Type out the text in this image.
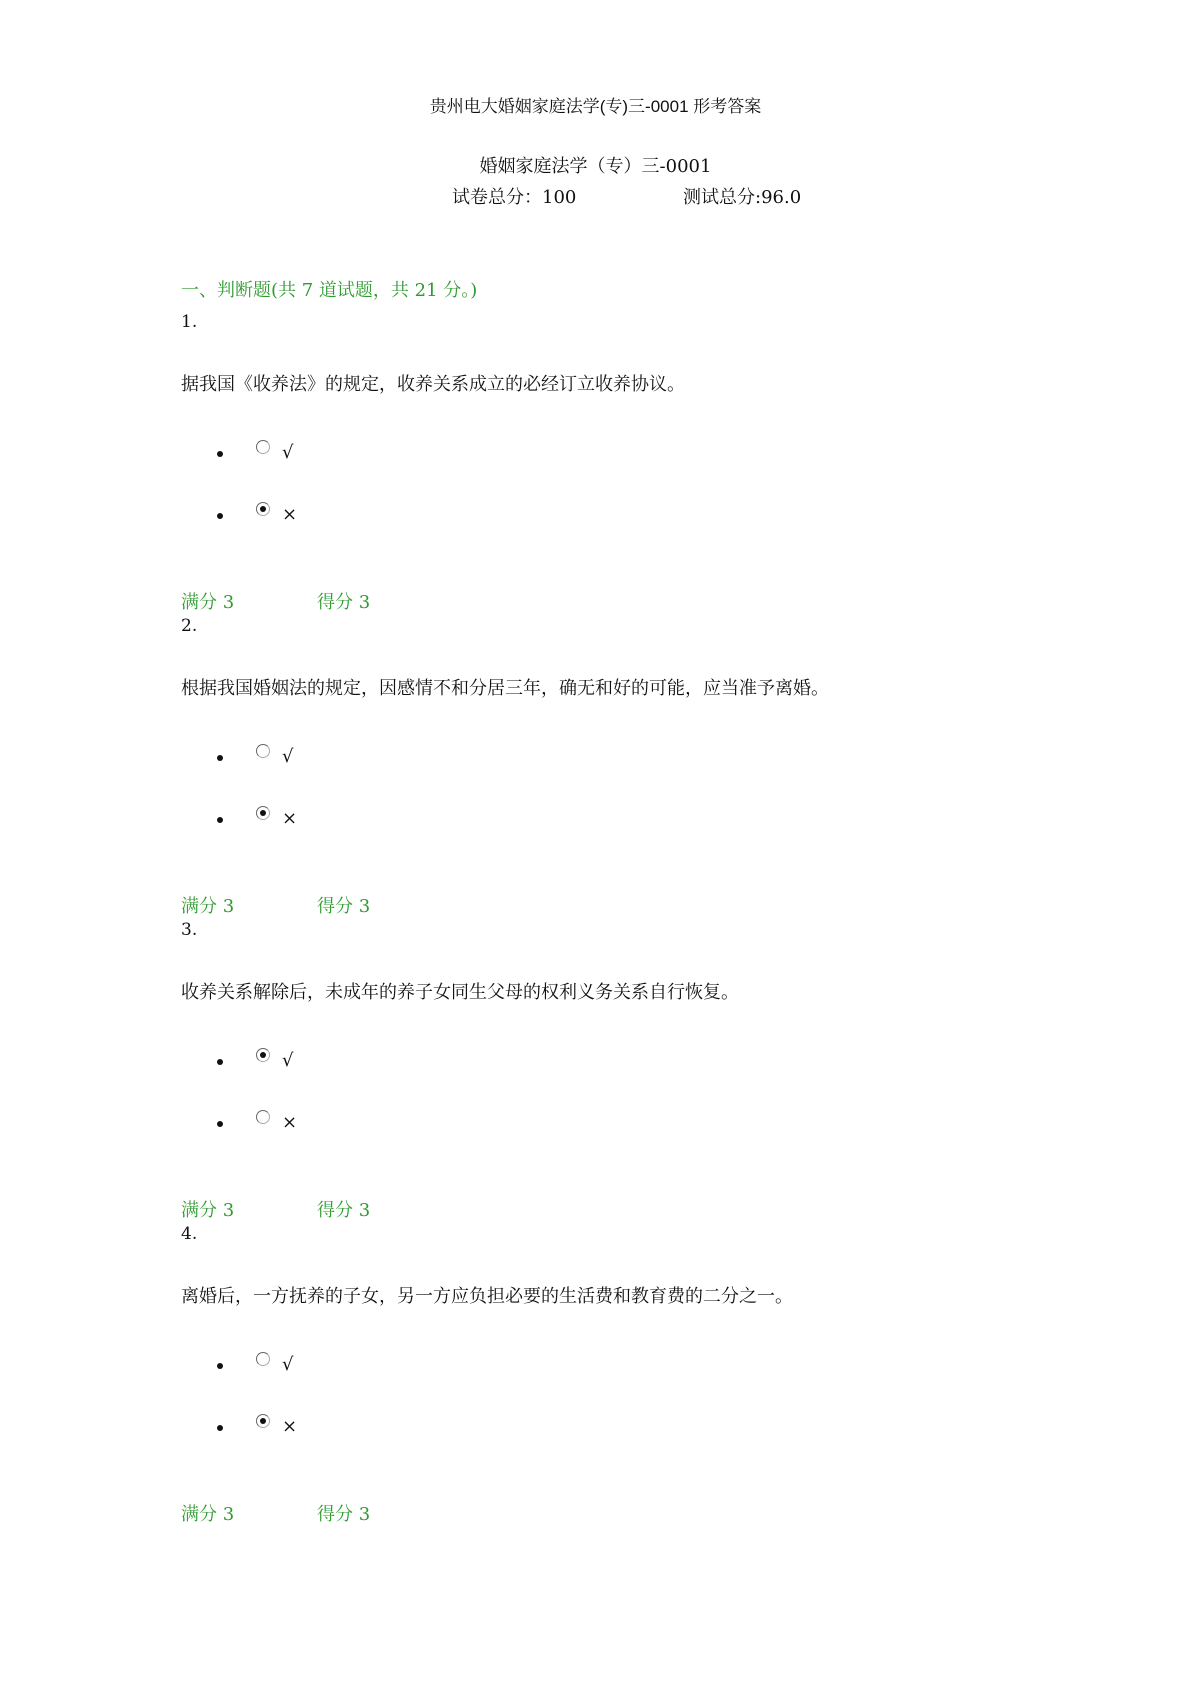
贵州电大婚姻家庭法学(专)三-0001 形考答案
婚姻家庭法学（专）三-0001
试卷总分：100	测试总分:96.0
一、判断题(共 7 道试题，共 21 分。)
1.
据我国《收养法》的规定，收养关系成立的必经订立收养协议。
√
×
满分 3	得分 3
2.
根据我国婚姻法的规定，因感情不和分居三年，确无和好的可能，应当准予离婚。
√
×
满分 3	得分 3
3.
收养关系解除后，未成年的养子女同生父母的权利义务关系自行恢复。
√
×
满分 3	得分 3
4.
离婚后，一方抚养的子女，另一方应负担必要的生活费和教育费的二分之一。
√
×
满分 3	得分 3
